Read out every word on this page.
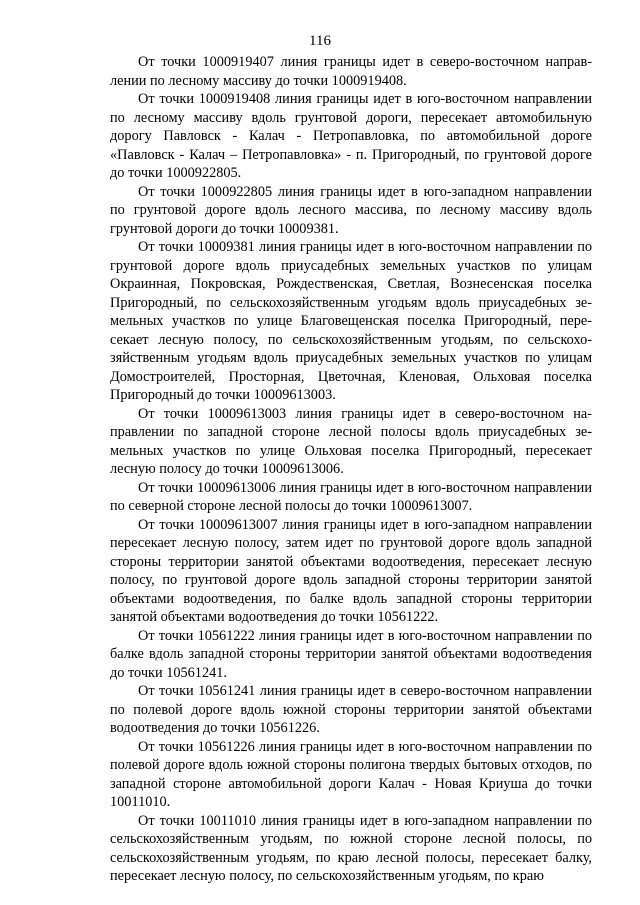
116

От точки 1000919407 линия границы идет в северо-восточном направлении по лесному массиву до точки 1000919408.

От точки 1000919408 линия границы идет в юго-восточном направлении по лесному массиву вдоль грунтовой дороги, пересекает автомобильную дорогу Павловск - Калач - Петропавловка, по автомобильной дороге «Павловск - Калач – Петропавловка» - п. Пригородный, по грунтовой дороге до точки 1000922805.

От точки 1000922805 линия границы идет в юго-западном направлении по грунтовой дороге вдоль лесного массива, по лесному массиву вдоль грунтовой дороги до точки 10009381.

От точки 10009381 линия границы идет в юго-восточном направлении по грунтовой дороге вдоль приусадебных земельных участков по улицам Окраинная, Покровская, Рождественская, Светлая, Вознесенская поселка Пригородный, по сельскохозяйственным угодьям вдоль приусадебных земельных участков по улице Благовещенская поселка Пригородный, пересекает лесную полосу, по сельскохозяйственным угодьям, по сельскохозяйственным угодьям вдоль приусадебных земельных участков по улицам Домостроителей, Просторная, Цветочная, Кленовая, Ольховая поселка Пригородный до точки 10009613003.

От точки 10009613003 линия границы идет в северо-восточном направлении по западной стороне лесной полосы вдоль приусадебных земельных участков по улице Ольховая поселка Пригородный, пересекает лесную полосу до точки 10009613006.

От точки 10009613006 линия границы идет в юго-восточном направлении по северной стороне лесной полосы до точки 10009613007.

От точки 10009613007 линия границы идет в юго-западном направлении пересекает лесную полосу, затем идет по грунтовой дороге вдоль западной стороны территории занятой объектами водоотведения, пересекает лесную полосу, по грунтовой дороге вдоль западной стороны территории занятой объектами водоотведения, по балке вдоль западной стороны территории занятой объектами водоотведения до точки 10561222.

От точки 10561222 линия границы идет в юго-восточном направлении по балке вдоль западной стороны территории занятой объектами водоотведения до точки 10561241.

От точки 10561241 линия границы идет в северо-восточном направлении по полевой дороге вдоль южной стороны территории занятой объектами водоотведения до точки 10561226.

От точки 10561226 линия границы идет в юго-восточном направлении по полевой дороге вдоль южной стороны полигона твердых бытовых отходов, по западной стороне автомобильной дороги Калач - Новая Криуша до точки 10011010.

От точки 10011010 линия границы идет в юго-западном направлении по сельскохозяйственным угодьям, по южной стороне лесной полосы, по сельскохозяйственным угодьям, по краю лесной полосы, пересекает балку, пересекает лесную полосу, по сельскохозяйственным угодьям, по краю
